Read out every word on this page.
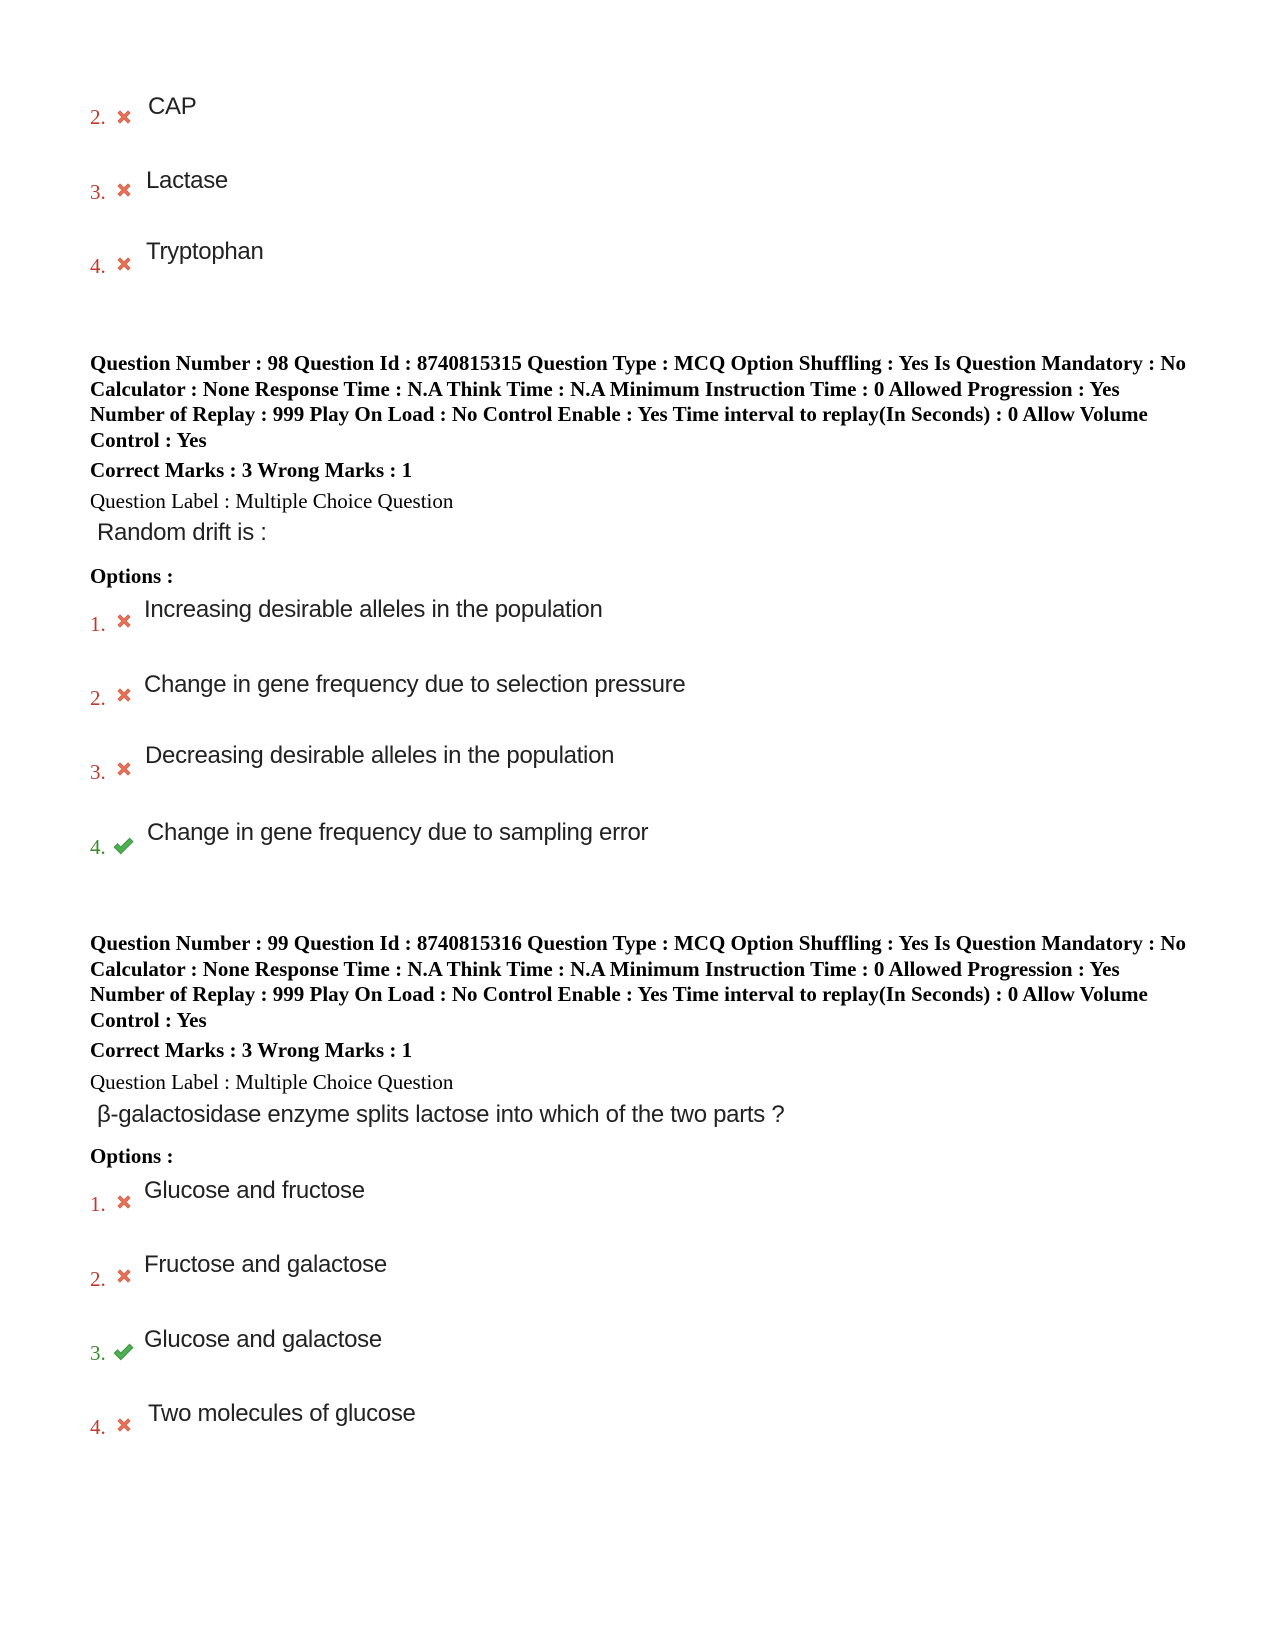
2. CAP
3. Lactase
4.
Tryptophan
Question Number : 98 Question Id : 8740815315 Question Type : MCQ Option Shuffling : Yes Is Question Mandatory : No Calculator : None Response Time : N.A Think Time : N.A Minimum Instruction Time : 0 Allowed Progression : Yes Number of Replay : 999 Play On Load : No Control Enable : Yes Time interval to replay(In Seconds) : 0 Allow Volume Control : Yes
Correct Marks : 3 Wrong Marks : 1
Question Label : Multiple Choice Question
Random drift is :
Options :
1.
Increasing desirable alleles in the population
2. Change in gene frequency due to selection pressure
3.
Decreasing desirable alleles in the population
4.
Change in gene frequency due to sampling error
Question Number : 99 Question Id : 8740815316 Question Type : MCQ Option Shuffling : Yes Is Question Mandatory : No Calculator : None Response Time : N.A Think Time : N.A Minimum Instruction Time : 0 Allowed Progression : Yes Number of Replay : 999 Play On Load : No Control Enable : Yes Time interval to replay(In Seconds) : 0 Allow Volume Control : Yes
Correct Marks : 3 Wrong Marks : 1
Question Label : Multiple Choice Question
β-galactosidase enzyme splits lactose into which of the two parts ?
Options :
1. Glucose and fructose
2.
Fructose and galactose
3. Glucose and galactose
4. Two molecules of glucose
